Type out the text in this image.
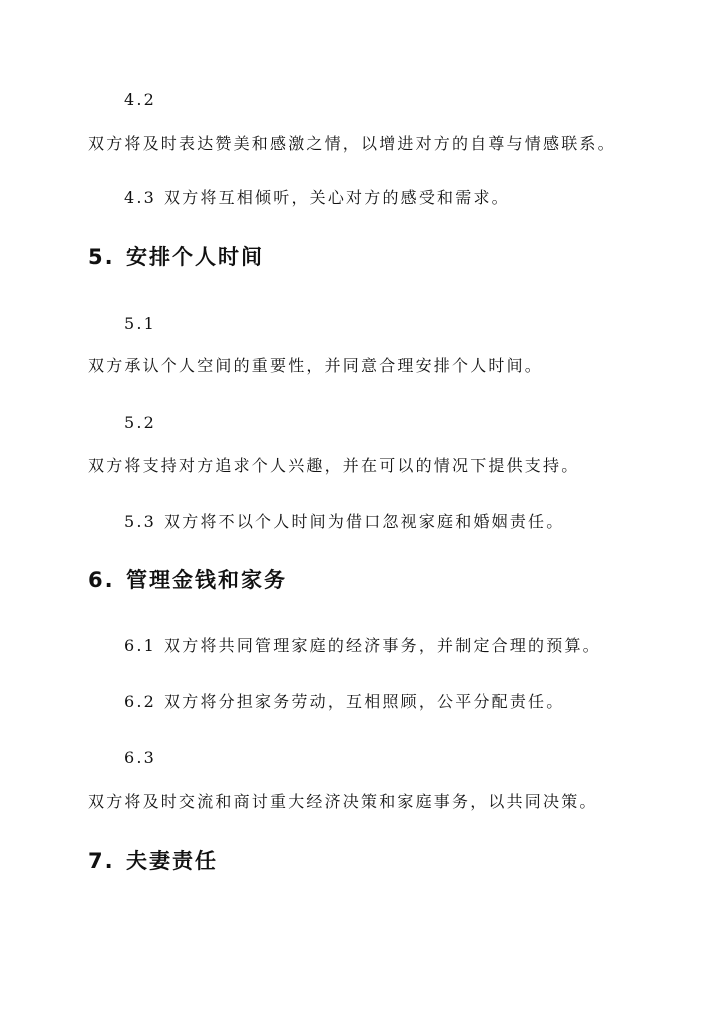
4.2
双方将及时表达赞美和感激之情，以增进对方的自尊与情感联系。
4.3 双方将互相倾听，关心对方的感受和需求。
5. 安排个人时间
5.1
双方承认个人空间的重要性，并同意合理安排个人时间。
5.2
双方将支持对方追求个人兴趣，并在可以的情况下提供支持。
5.3 双方将不以个人时间为借口忽视家庭和婚姻责任。
6. 管理金钱和家务
6.1 双方将共同管理家庭的经济事务，并制定合理的预算。
6.2 双方将分担家务劳动，互相照顾，公平分配责任。
6.3
双方将及时交流和商讨重大经济决策和家庭事务，以共同决策。
7. 夫妻责任
